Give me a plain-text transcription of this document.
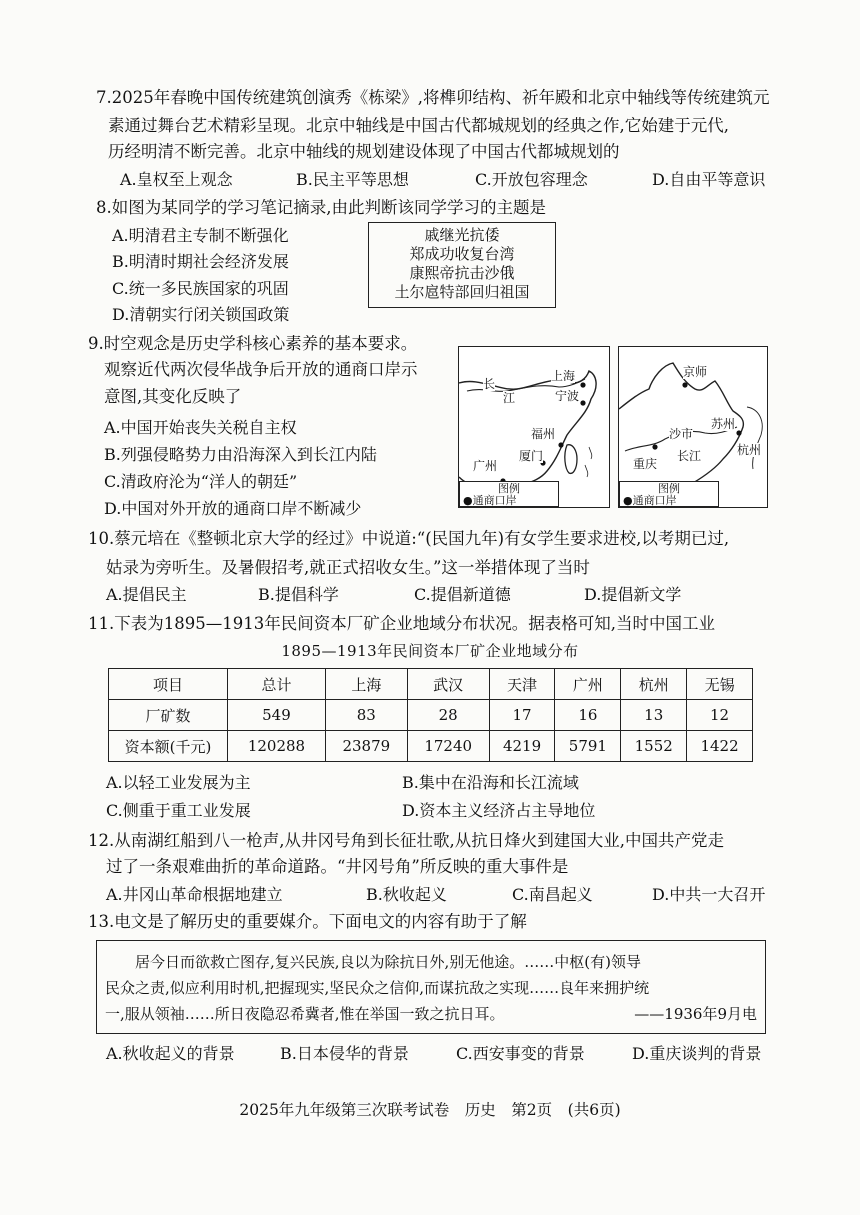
7.2025年春晚中国传统建筑创演秀《栋梁》,将榫卯结构、祈年殿和北京中轴线等传统建筑元
素通过舞台艺术精彩呈现。北京中轴线是中国古代都城规划的经典之作,它始建于元代,
历经明清不断完善。北京中轴线的规划建设体现了中国古代都城规划的
A.皇权至上观念	B.民主平等思想	C.开放包容理念	D.自由平等意识
8.如图为某同学的学习笔记摘录,由此判断该同学学习的主题是
A.明清君主专制不断强化
B.明清时期社会经济发展
C.统一多民族国家的巩固
D.清朝实行闭关锁国政策
戚继光抗倭
郑成功收复台湾
康熙帝抗击沙俄
土尔扈特部回归祖国
9.时空观念是历史学科核心素养的基本要求。
观察近代两次侵华战争后开放的通商口岸示
意图,其变化反映了
A.中国开始丧失关税自主权
B.列强侵略势力由沿海深入到长江内陆
C.清政府沦为“洋人的朝廷”
D.中国对外开放的通商口岸不断减少
长
江
上海
宁波
福州
广州
厦门
图例
●通商口岸
京师
沙市
苏州
重庆
长江	杭州
图例
●通商口岸
10.蔡元培在《整顿北京大学的经过》中说道:“(民国九年)有女学生要求进校,以考期已过,
姑录为旁听生。及暑假招考,就正式招收女生。”这一举措体现了当时
A.提倡民主	B.提倡科学	C.提倡新道德	D.提倡新文学
11.下表为1895—1913年民间资本厂矿企业地域分布状况。据表格可知,当时中国工业
1895—1913年民间资本厂矿企业地域分布
项目	总计	上海	武汉	天津	广州	杭州	无锡
厂矿数	549	83	28	17	16	13	12
资本额(千元)	120288	23879	17240	4219	5791	1552	1422
A.以轻工业发展为主	B.集中在沿海和长江流域
C.侧重于重工业发展	D.资本主义经济占主导地位
12.从南湖红船到八一枪声,从井冈号角到长征壮歌,从抗日烽火到建国大业,中国共产党走
过了一条艰难曲折的革命道路。“井冈号角”所反映的重大事件是
A.井冈山革命根据地建立	B.秋收起义	C.南昌起义	D.中共一大召开
13.电文是了解历史的重要媒介。下面电文的内容有助于了解
居今日而欲救亡图存,复兴民族,良以为除抗日外,别无他途。……中枢(有)领导
民众之责,似应利用时机,把握现实,坚民众之信仰,而谋抗敌之实现……良年来拥护统
一,服从领袖……所日夜隐忍希冀者,惟在举国一致之抗日耳。	——1936年9月电
A.秋收起义的背景	B.日本侵华的背景	C.西安事变的背景	D.重庆谈判的背景
2025年九年级第三次联考试卷　历史　第2页　(共6页)
